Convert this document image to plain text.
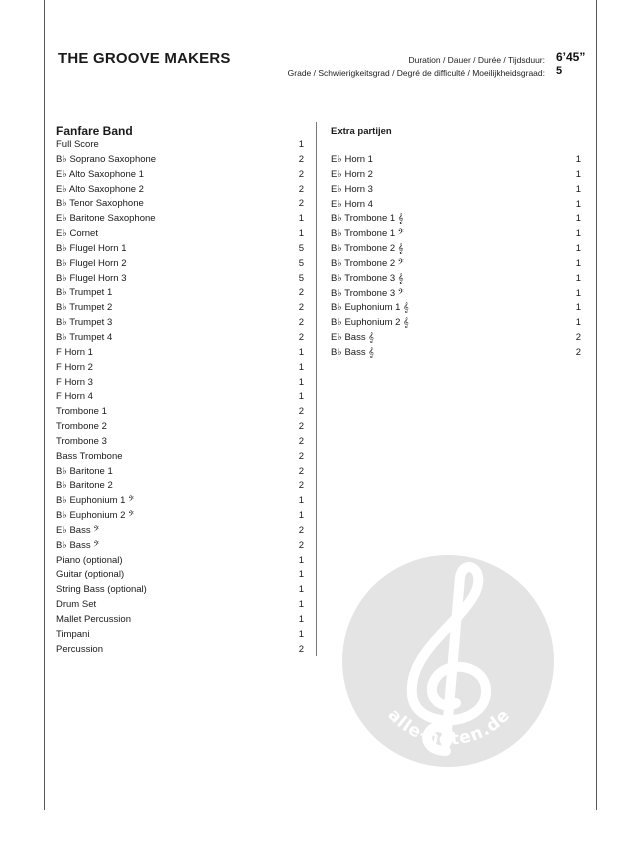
THE GROOVE MAKERS	Duration / Dauer / Durée / Tijdsduur: 6’45”
Grade / Schwierigkeitsgrad / Degré de difficulté / Moeilijkheidsgraad: 5
Fanfare Band	Extra partijen
Full Score	1
B♭ Soprano Saxophone	2
E♭ Alto Saxophone 1	2
E♭ Alto Saxophone 2	2
B♭ Tenor Saxophone	2
E♭ Baritone Saxophone	1
E♭ Cornet	1
B♭ Flugel Horn 1	5
B♭ Flugel Horn 2	5
B♭ Flugel Horn 3	5
B♭ Trumpet 1	2
B♭ Trumpet 2	2
B♭ Trumpet 3	2
B♭ Trumpet 4	2
F Horn 1	1
F Horn 2	1
F Horn 3	1
F Horn 4	1
Trombone 1	2
Trombone 2	2
Trombone 3	2
Bass Trombone	2
B♭ Baritone 1	2
B♭ Baritone 2	2
B♭ Euphonium 1 𝄢	1
B♭ Euphonium 2 𝄢	1
E♭ Bass 𝄢	2
B♭ Bass 𝄢	2
Piano (optional)	1
Guitar (optional)	1
String Bass (optional)	1
Drum Set	1
Mallet Percussion	1
Timpani	1
Percussion	2
E♭ Horn 1	1
E♭ Horn 2	1
E♭ Horn 3	1
E♭ Horn 4	1
B♭ Trombone 1 𝄞	1
B♭ Trombone 1 𝄢	1
B♭ Trombone 2 𝄞	1
B♭ Trombone 2 𝄢	1
B♭ Trombone 3 𝄞	1
B♭ Trombone 3 𝄢	1
B♭ Euphonium 1 𝄞	1
B♭ Euphonium 2 𝄞	1
E♭ Bass 𝄞	2
B♭ Bass 𝄞	2
alle-noten.de
